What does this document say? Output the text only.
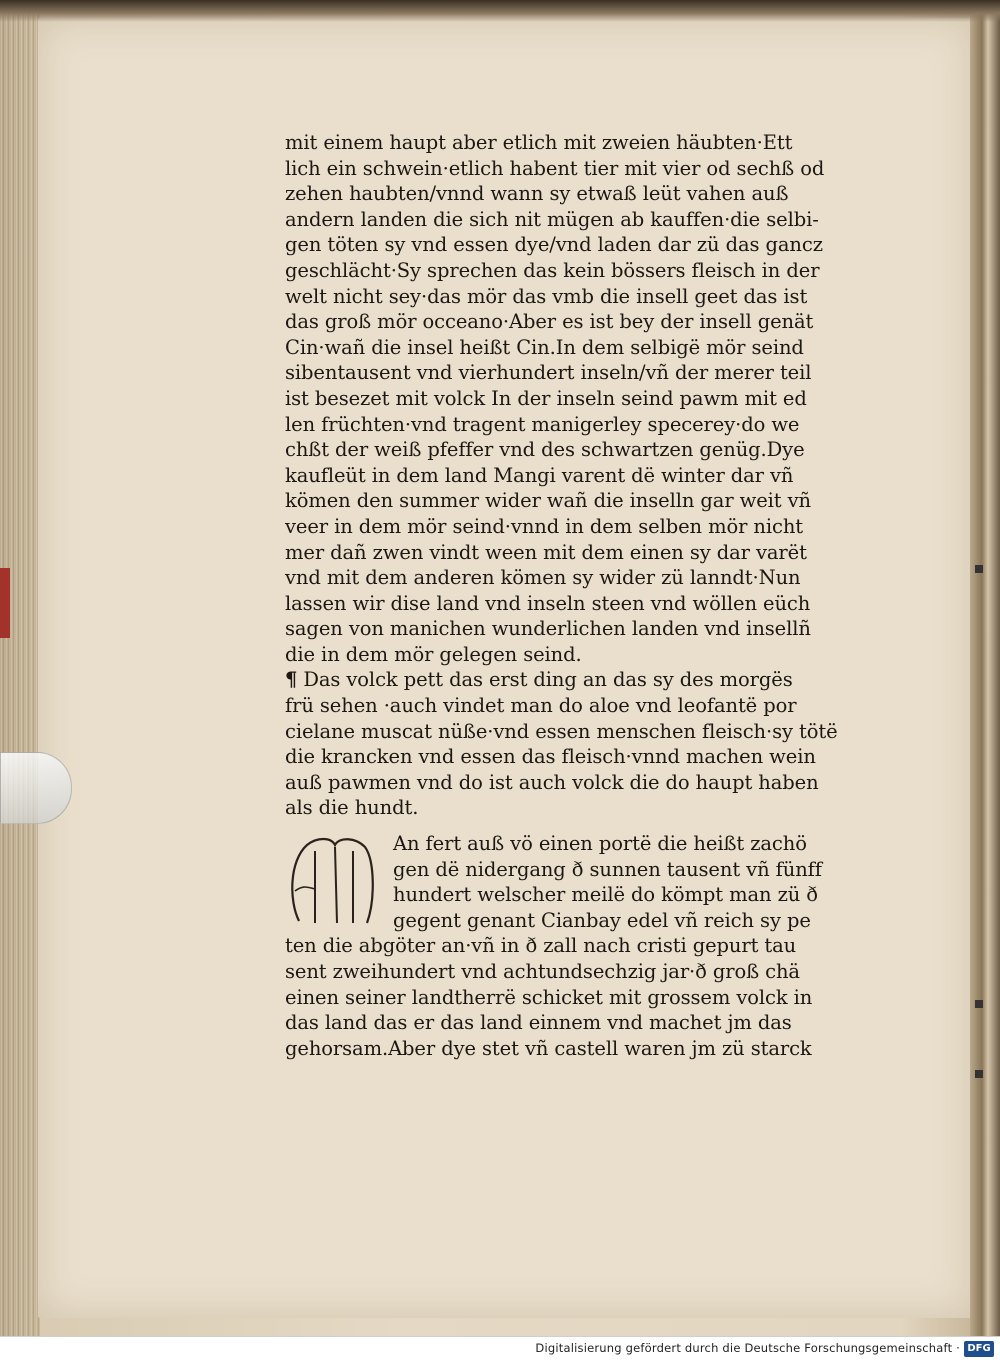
mit einem haupt aber etlich mit zweien häubten·Ett
lich ein schwein·etlich habent tier mit vier od sechß od
zehen haubten/vnnd wann sy etwaß leüt vahen auß
andern landen die sich nit mügen ab kauffen·die selbi-
gen töten sy vnd essen dye/vnd laden dar zü das gancz
geschlächt·Sy sprechen das kein bössers fleisch in der
welt nicht sey·das mör das vmb die insell geet das ist
das groß mör occeano·Aber es ist bey der insell genät
Cin·wañ die insel heißt Cin.In dem selbigë mör seind
sibentausent vnd vierhundert inseln/vñ der merer teil
ist besezet mit volck In der inseln seind pawm mit ed
len früchten·vnd tragent manigerley specerey·do we
chßt der weiß pfeffer vnd des schwartzen genüg.Dye
kaufleüt in dem land Mangi varent dë winter dar vñ
kömen den summer wider wañ die inselln gar weit vñ
veer in dem mör seind·vnnd in dem selben mör nicht
mer dañ zwen vindt ween mit dem einen sy dar varët
vnd mit dem anderen kömen sy wider zü lanndt·Nun
lassen wir dise land vnd inseln steen vnd wöllen eüch
sagen von manichen wunderlichen landen vnd insellñ
die in dem mör gelegen seind.
¶ Das volck pett das erst ding an das sy des morgës
frü sehen ·auch vindet man do aloe vnd leofantë por
cielane muscat nüße·vnd essen menschen fleisch·sy tötë
die krancken vnd essen das fleisch·vnnd machen wein
auß pawmen vnd do ist auch volck die do haupt haben
als die hundt.
An fert auß vö einen portë die heißt zachö
gen dë nidergang ð sunnen tausent vñ fünff
hundert welscher meilë do kömpt man zü ð
gegent genant Cianbay edel vñ reich sy pe
ten die abgöter an·vñ in ð zall nach cristi gepurt tau
sent zweihundert vnd achtundsechzig jar·ð groß chä
einen seiner landtherrë schicket mit grossem volck in
das land das er das land einnem vnd machet jm das
gehorsam.Aber dye stet vñ castell waren jm zü starck
Digitalisierung gefördert durch die Deutsche Forschungsgemeinschaft · DFG
